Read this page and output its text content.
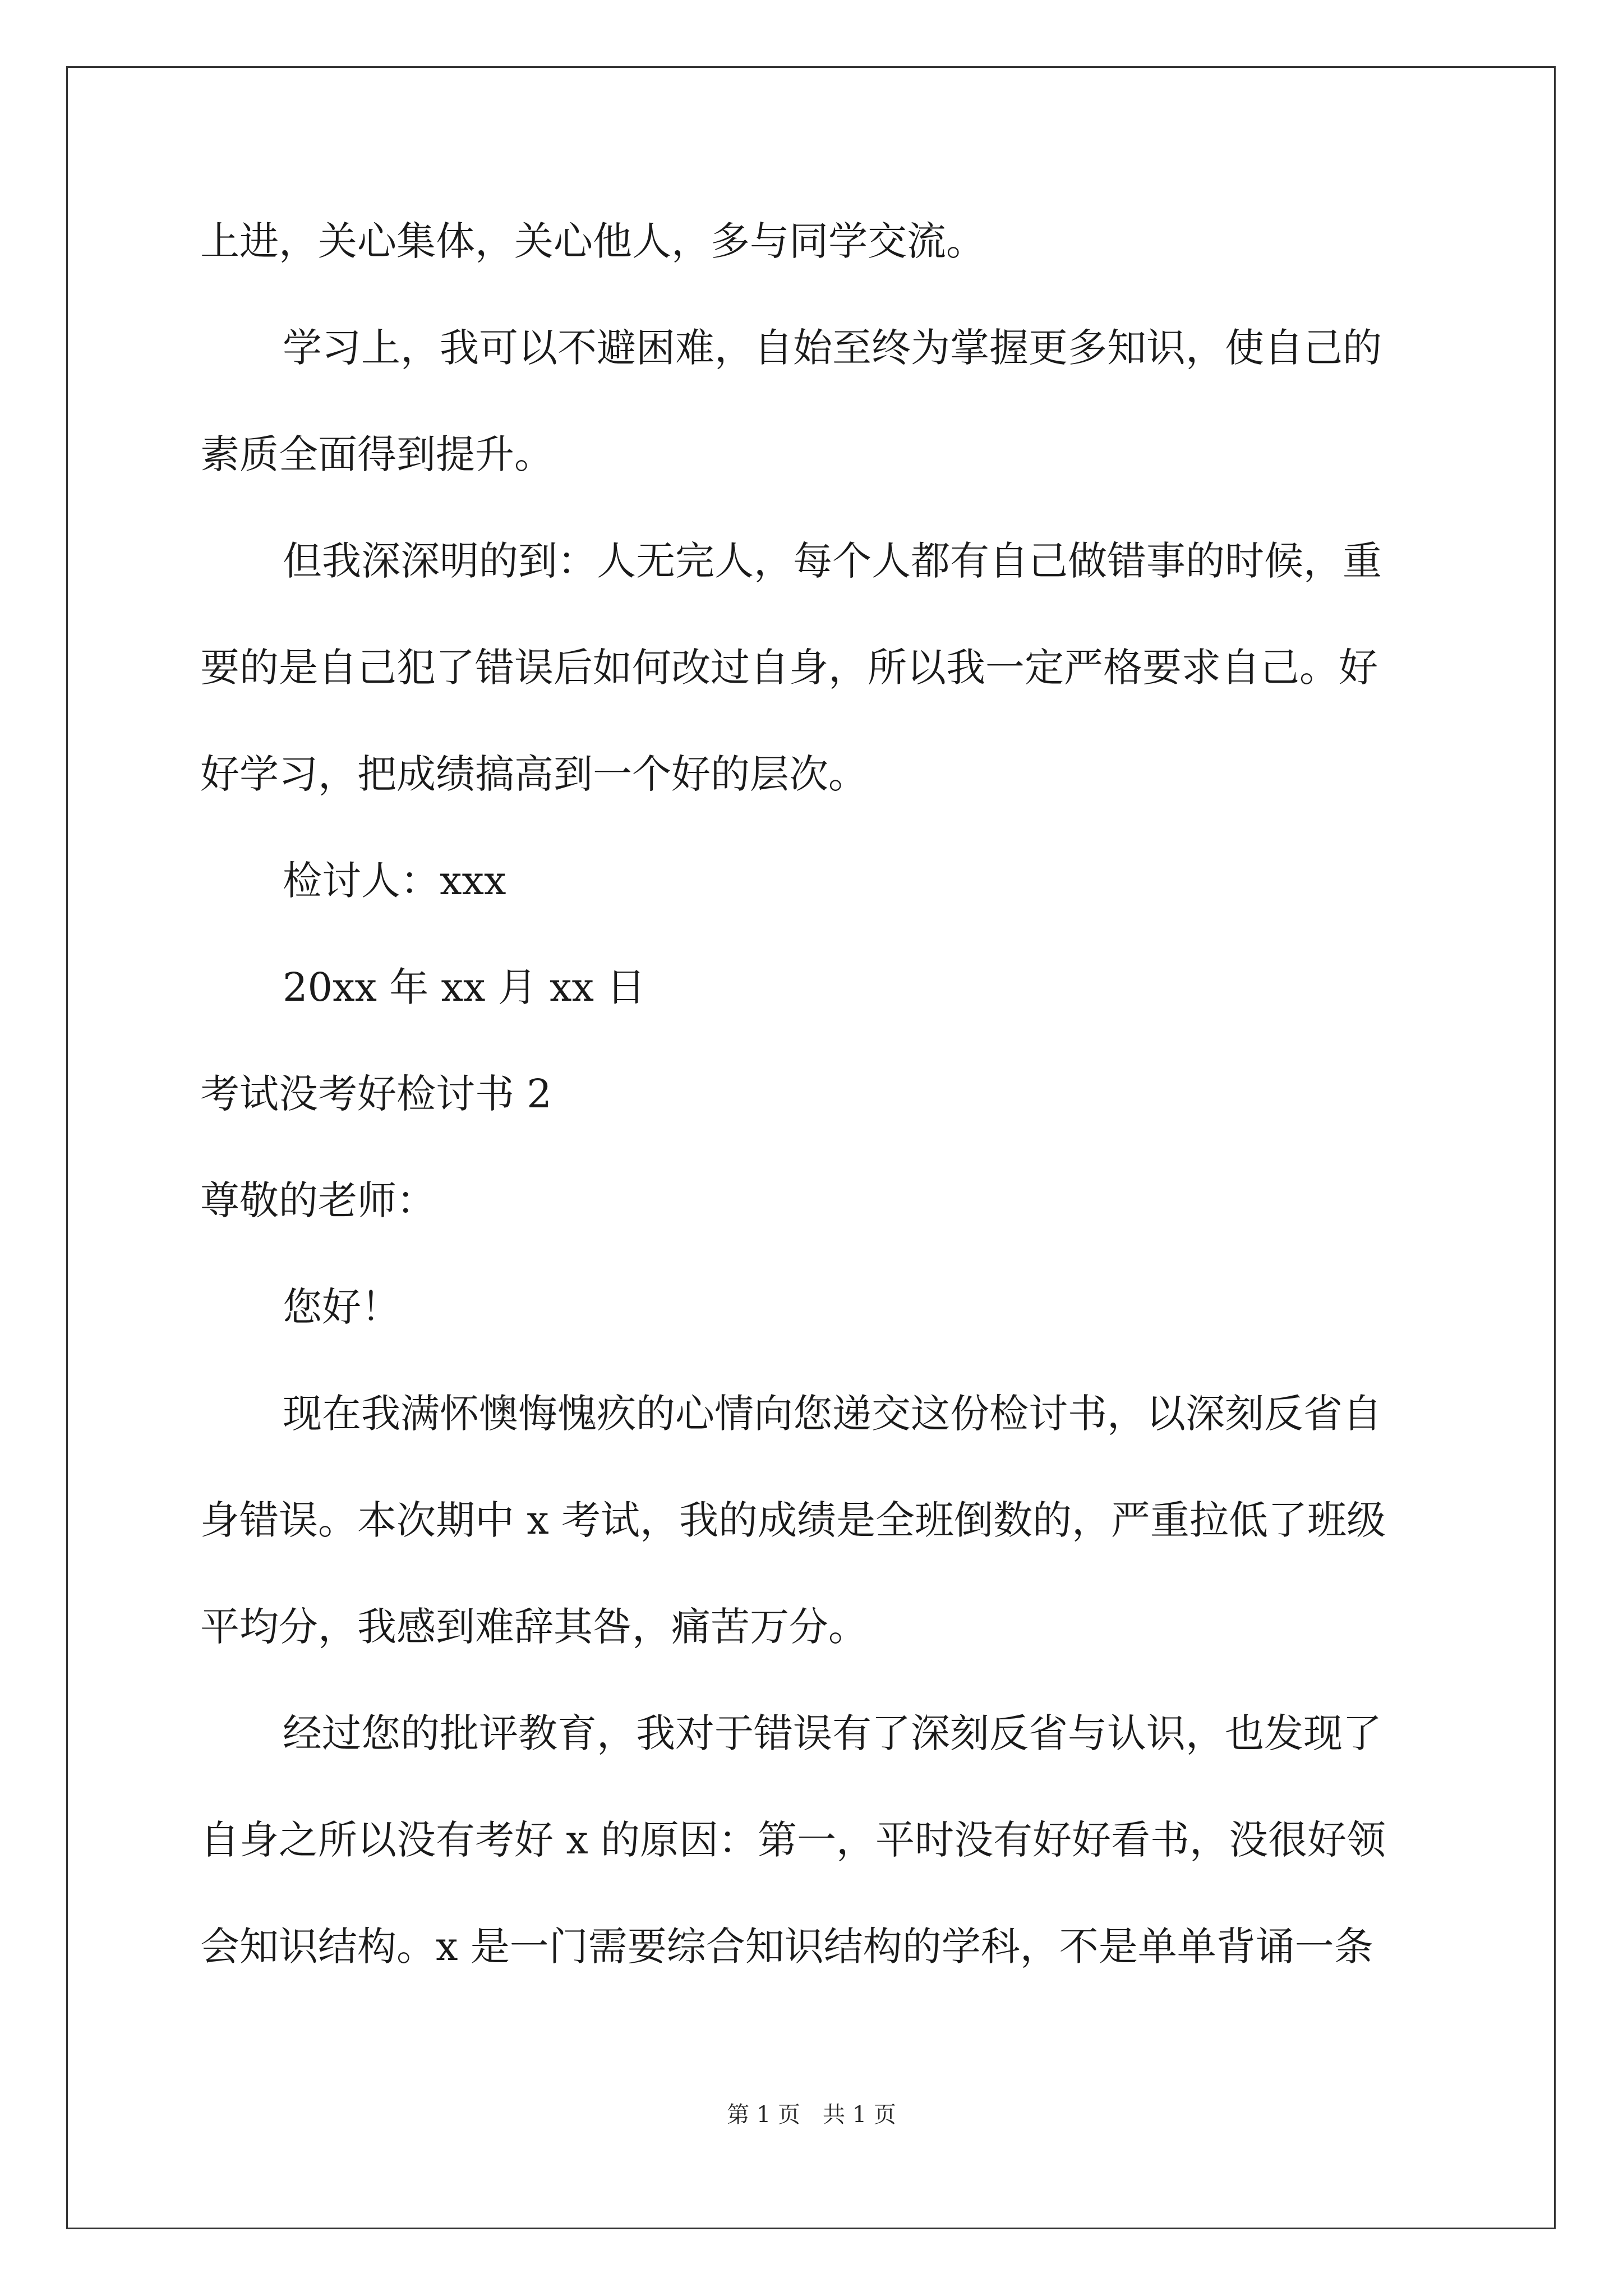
上进，关心集体，关心他人，多与同学交流。
学习上，我可以不避困难，自始至终为掌握更多知识，使自己的
素质全面得到提升。
但我深深明的到：人无完人，每个人都有自己做错事的时候，重
要的是自己犯了错误后如何改过自身，所以我一定严格要求自己。好
好学习，把成绩搞高到一个好的层次。
检讨人：xxx
20xx 年 xx 月 xx 日
考试没考好检讨书 2
尊敬的老师：
您好！
现在我满怀懊悔愧疚的心情向您递交这份检讨书，以深刻反省自
身错误。本次期中 x 考试，我的成绩是全班倒数的，严重拉低了班级
平均分，我感到难辞其咎，痛苦万分。
经过您的批评教育，我对于错误有了深刻反省与认识，也发现了
自身之所以没有考好 x 的原因：第一，平时没有好好看书，没很好领
会知识结构。x 是一门需要综合知识结构的学科，不是单单背诵一条
第 1 页　共 1 页
